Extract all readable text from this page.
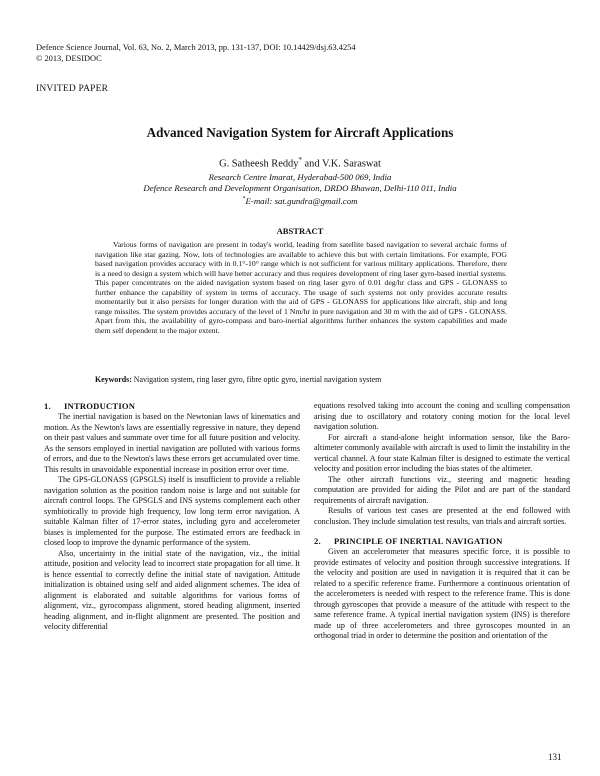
Defence Science Journal, Vol. 63, No. 2, March 2013, pp. 131-137, DOI: 10.14429/dsj.63.4254
© 2013, DESIDOC
INVITED PAPER
Advanced Navigation System for Aircraft Applications
G. Satheesh Reddy* and V.K. Saraswat
Research Centre Imarat, Hyderabad-500 069, India
Defence Research and Development Organisation, DRDO Bhawan, Delhi-110 011, India
*E-mail: sat.gundra@gmail.com
ABSTRACT

Various forms of navigation are present in today's world, leading from satellite based navigation to several archaic forms of navigation like star gazing. Now, lots of technologies are available to achieve this but with certain limitations. For example, FOG based navigation provides accuracy with in 0.1°-10° range which is not sufficient for various military applications. Therefore, there is a need to design a system which will have better accuracy and thus requires development of ring laser gyro-based inertial systems. This paper concentrates on the aided navigation system based on ring laser gyro of 0.01 deg/hr class and GPS - GLONASS to further enhance the capability of system in terms of accuracy. The usage of such systems not only provides accurate results momentarily but it also persists for longer duration with the aid of GPS - GLONASS for applications like aircraft, ship and long range missiles. The system provides accuracy of the level of 1 Nm/hr in pure navigation and 30 m with the aid of GPS - GLONASS. Apart from this, the availability of gyro-compass and baro-inertial algorithms further enhances the system capabilities and made them self dependent to the major extent.

Keywords: Navigation system, ring laser gyro, fibre optic gyro, inertial navigation system
1. INTRODUCTION

The inertial navigation is based on the Newtonian laws of kinematics and motion. As the Newton's laws are essentially regressive in nature, they depend on their past values and summate over time for all future position and velocity. As the sensors employed in inertial navigation are polluted with various forms of errors, and due to the Newton's laws these errors get accumulated over time. This results in unavoidable exponential increase in position error over time.

The GPS-GLONASS (GPSGLS) itself is insufficient to provide a reliable navigation solution as the position random noise is large and not suitable for aircraft control loops. The GPSGLS and INS systems complement each other symbiotically to provide high frequency, low long term error navigation. A suitable Kalman filter of 17-error states, including gyro and accelerometer biases is implemented for the purpose. The estimated errors are feedback in closed loop to improve the dynamic performance of the system.

Also, uncertainty in the initial state of the navigation, viz., the initial attitude, position and velocity lead to incorrect state propagation for all time. It is hence essential to correctly define the initial state of navigation. Attitude initialization is obtained using self and aided alignment schemes. The idea of alignment is elaborated and suitable algorithms for various forms of alignment, viz., gyrocompass alignment, stored heading alignment, inserted heading alignment, and in-flight alignment are presented. The position and velocity differential

equations resolved taking into account the coning and sculling compensation arising due to oscillatory and rotatory coning motion for the local level navigation solution.

For aircraft a stand-alone height information sensor, like the Baro-altimeter commonly available with aircraft is used to limit the instability in the vertical channel. A four state Kalman filter is designed to estimate the vertical velocity and position error including the bias states of the altimeter.

The other aircraft functions viz., steering and magnetic heading computation are provided for aiding the Pilot and are part of the standard requirements of aircraft navigation.

Results of various test cases are presented at the end followed with conclusion. They include simulation test results, van trials and aircraft sorties.

2. PRINCIPLE OF INERTIAL NAVIGATION

Given an accelerometer that measures specific force, it is possible to provide estimates of velocity and position through successive integrations. If the velocity and position are used in navigation it is required that it can be related to a specific reference frame. Furthermore a continuous orientation of the accelerometers is needed with respect to the reference frame. This is done through gyroscopes that provide a measure of the attitude with respect to the same reference frame. A typical inertial navigation system (INS) is therefore made up of three accelerometers and three gyroscopes mounted in an orthogonal triad in order to determine the position and orientation of the

131
